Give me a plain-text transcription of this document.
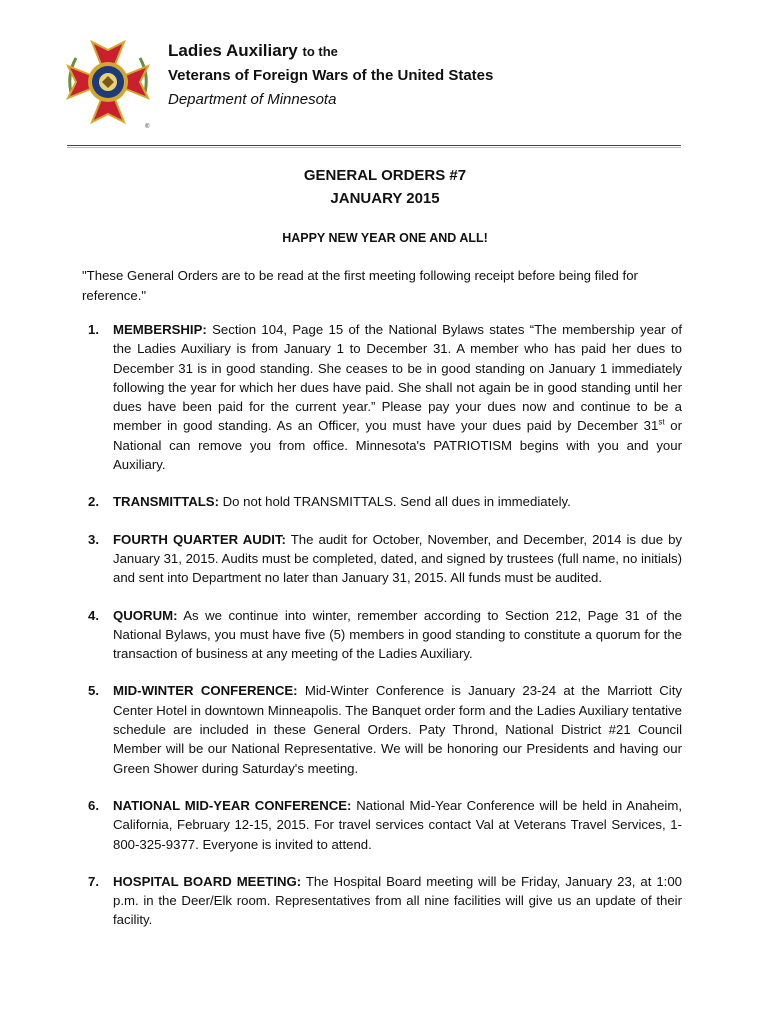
®
Ladies Auxiliary to the
Veterans of Foreign Wars of the United States
Department of Minnesota
GENERAL ORDERS #7
JANUARY 2015
HAPPY NEW YEAR ONE AND ALL!
"These General Orders are to be read at the first meeting following receipt before being filed for reference."
1. MEMBERSHIP: Section 104, Page 15 of the National Bylaws states “The membership year of the Ladies Auxiliary is from January 1 to December 31. A member who has paid her dues to December 31 is in good standing. She ceases to be in good standing on January 1 immediately following the year for which her dues have paid. She shall not again be in good standing until her dues have been paid for the current year.” Please pay your dues now and continue to be a member in good standing. As an Officer, you must have your dues paid by December 31st or National can remove you from office. Minnesota's PATRIOTISM begins with you and your Auxiliary.
2. TRANSMITTALS: Do not hold TRANSMITTALS. Send all dues in immediately.
3. FOURTH QUARTER AUDIT: The audit for October, November, and December, 2014 is due by January 31, 2015. Audits must be completed, dated, and signed by trustees (full name, no initials) and sent into Department no later than January 31, 2015. All funds must be audited.
4. QUORUM: As we continue into winter, remember according to Section 212, Page 31 of the National Bylaws, you must have five (5) members in good standing to constitute a quorum for the transaction of business at any meeting of the Ladies Auxiliary.
5. MID-WINTER CONFERENCE: Mid-Winter Conference is January 23-24 at the Marriott City Center Hotel in downtown Minneapolis. The Banquet order form and the Ladies Auxiliary tentative schedule are included in these General Orders. Paty Thrond, National District #21 Council Member will be our National Representative. We will be honoring our Presidents and having our Green Shower during Saturday's meeting.
6. NATIONAL MID-YEAR CONFERENCE: National Mid-Year Conference will be held in Anaheim, California, February 12-15, 2015. For travel services contact Val at Veterans Travel Services, 1-800-325-9377. Everyone is invited to attend.
7. HOSPITAL BOARD MEETING: The Hospital Board meeting will be Friday, January 23, at 1:00 p.m. in the Deer/Elk room. Representatives from all nine facilities will give us an update of their facility.
